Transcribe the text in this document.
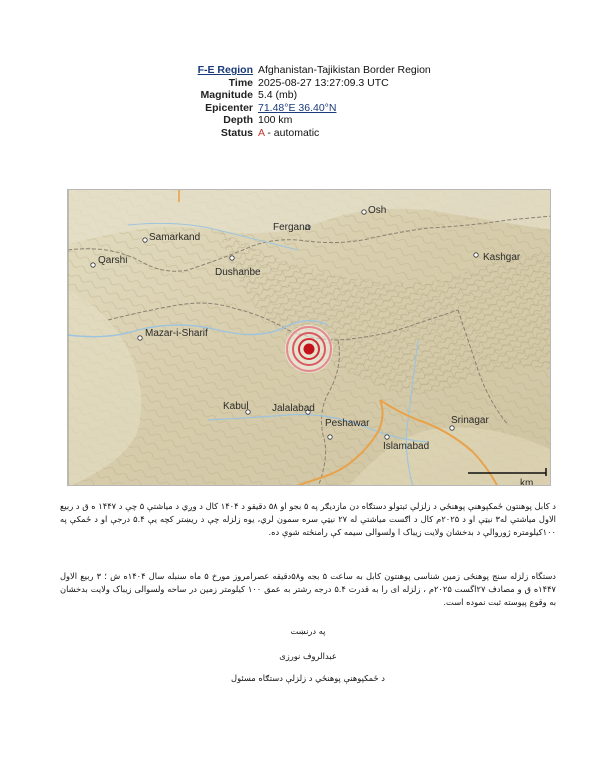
F-E Region Afghanistan-Tajikistan Border Region
Time 2025-08-27 13:27:09.3 UTC
Magnitude 5.4 (mb)
Epicenter 71.48°E 36.40°N
Depth 100 km
Status A - automatic
Osh
Fergana
Samarkand
Qarshi
Dushanbe
Kashgar
Mazar-i-Sharif
Kabul Jalalabad
Peshawar	Srinagar
Islamabad
km
د کابل پوهنتون ځمکپوهنې پوهنځي د زلزلې ثبتولو دستګاه دن مازدیګر په ۵ بجو او ۵۸ دقیقو د ۱۴۰۴ کال د وږي د میاشتې ۵ چې د ۱۴۴۷ ه ق د ربیع الاول میاشتې له۳ نیټې او د ۲۰۲۵م کال د اګست میاشتې له ۲۷ نیټې سره سمون لري، یوه زلزله چې د ریښتر کچه یې ۵.۴ درجې او د ځمکې په ۱۰۰کیلومتره ژوروالې د بدخشان ولایت زیباک ا ولسوالی سیمه کې رامنځته شوې ده.
دستگاه زلزله سنج پوهنځی زمین شناسی پوهنتون کابل به ساعت ۵ بجه و۵۸دقیقه عصرامروز مورخ ۵ ماه سنبله سال ۱۴۰۴ه ش ؛ ۳ ربیع الاول ۱۴۴۷ه ق و مصادف ۲۷اگست ۲۰۲۵م ، زلزله ای را به قدرت ۵.۴ درجه رشتر به عمق ۱۰۰ کیلومتر زمین در ساحه ولسوالی زیباک ولایت بدخشان به وقوع پیوسته ثبت نموده است.
په درنښت
عبدالروف نورزی
د ځمکپوهنې پوهنځي د زلزلې دستګاه مسئول
